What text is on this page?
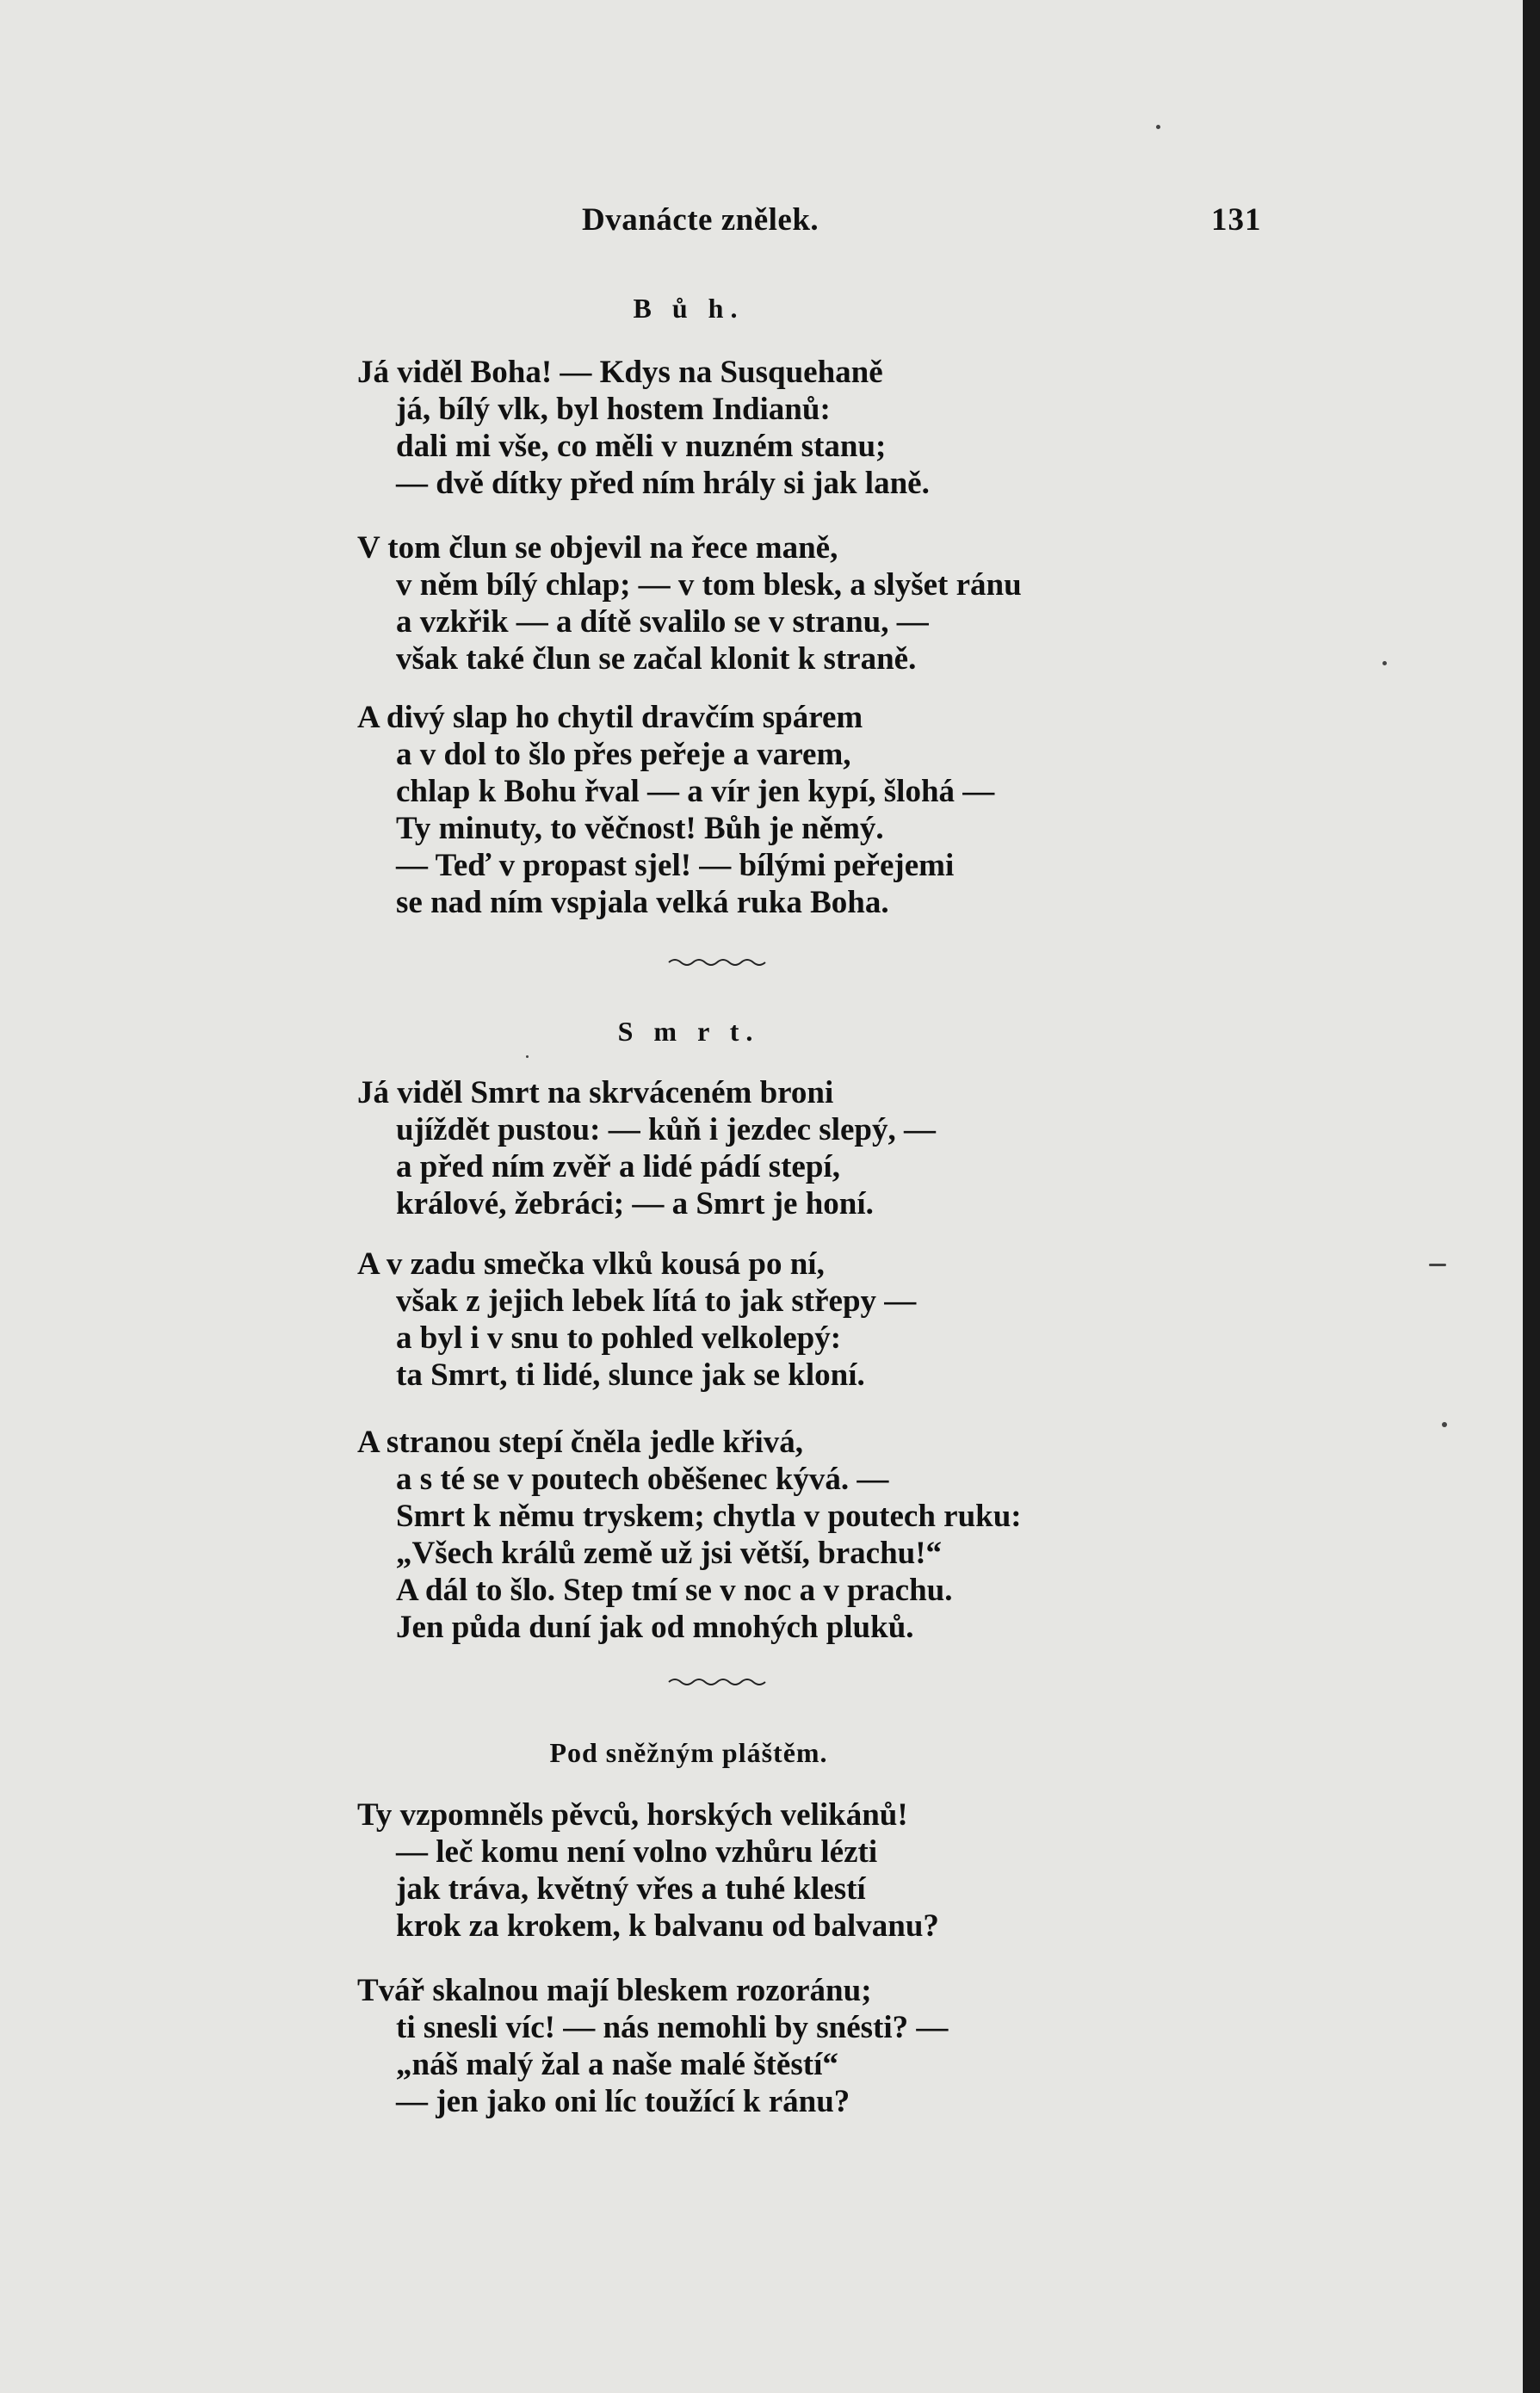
Dvanácte znělek.	131
B ů h.
Já viděl Boha! — Kdys na Susquehaně
já, bílý vlk, byl hostem Indianů:
dali mi vše, co měli v nuzném stanu;
— dvě dítky před ním hrály si jak laně.
V tom člun se objevil na řece maně,
v něm bílý chlap; — v tom blesk, a slyšet ránu
a vzkřik — a dítě svalilo se v stranu, —
však také člun se začal klonit k straně.
A divý slap ho chytil dravčím spárem
a v dol to šlo přes peřeje a varem,
chlap k Bohu řval — a vír jen kypí, šlohá —
Ty minuty, to věčnost! Bůh je němý.
— Teď v propast sjel! — bílými peřejemi
se nad ním vspjala velká ruka Boha.
S m r t.
Já viděl Smrt na skrváceném broni
ujíždět pustou: — kůň i jezdec slepý, —
a před ním zvěř a lidé pádí stepí,
králové, žebráci; — a Smrt je honí.
A v zadu smečka vlků kousá po ní,
však z jejich lebek lítá to jak střepy —
a byl i v snu to pohled velkolepý:
ta Smrt, ti lidé, slunce jak se kloní.
A stranou stepí čněla jedle křivá,
a s té se v poutech oběšenec kývá. —
Smrt k němu tryskem; chytla v poutech ruku:
„Všech králů země už jsi větší, brachu!“
A dál to šlo. Step tmí se v noc a v prachu.
Jen půda duní jak od mnohých pluků.
Pod sněžným pláštěm.
Ty vzpomněls pěvců, horských velikánů!
— leč komu není volno vzhůru lézti
jak tráva, květný vřes a tuhé klestí
krok za krokem, k balvanu od balvanu?
Tvář skalnou mají bleskem rozoránu;
ti snesli víc! — nás nemohli by snésti? —
„náš malý žal a naše malé štěstí“
— jen jako oni líc toužící k ránu?
